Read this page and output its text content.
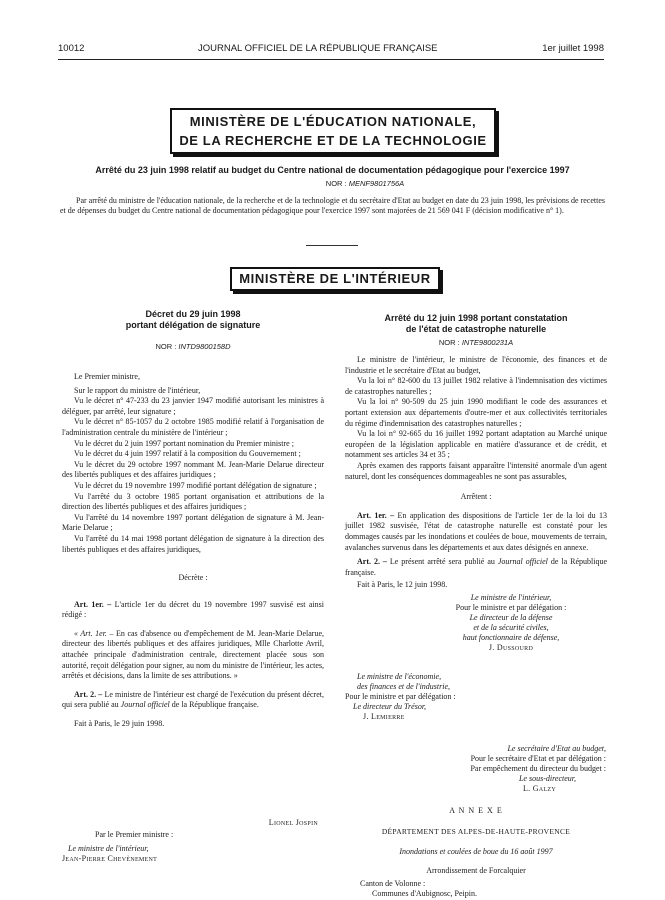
10012	JOURNAL OFFICIEL DE LA RÉPUBLIQUE FRANÇAISE	1er juillet 1998
MINISTÈRE DE L'ÉDUCATION NATIONALE,
DE LA RECHERCHE ET DE LA TECHNOLOGIE
Arrêté du 23 juin 1998 relatif au budget du Centre national de documentation pédagogique pour l'exercice 1997
NOR : MENF9801756A
Par arrêté du ministre de l'éducation nationale, de la recherche et de la technologie et du secrétaire d'Etat au budget en date du 23 juin 1998, les prévisions de recettes et de dépenses du budget du Centre national de documentation pédagogique pour l'exercice 1997 sont majorées de 21 569 041 F (décision modificative n° 1).
MINISTÈRE DE L'INTÉRIEUR
Décret du 29 juin 1998
portant délégation de signature
NOR : INTD9800158D

Le Premier ministre,

Sur le rapport du ministre de l'intérieur,

Vu le décret n° 47-233 du 23 janvier 1947 modifié autorisant les ministres à déléguer, par arrêté, leur signature ;

Vu le décret n° 85-1057 du 2 octobre 1985 modifié relatif à l'organisation de l'administration centrale du ministère de l'intérieur ;

Vu le décret du 2 juin 1997 portant nomination du Premier ministre ;

Vu le décret du 4 juin 1997 relatif à la composition du Gouvernement ;

Vu le décret du 29 octobre 1997 nommant M. Jean-Marie Delarue directeur des libertés publiques et des affaires juridiques ;

Vu le décret du 19 novembre 1997 modifié portant délégation de signature ;

Vu l'arrêté du 3 octobre 1985 portant organisation et attributions de la direction des libertés publiques et des affaires juridiques ;

Vu l'arrêté du 14 novembre 1997 portant délégation de signature à M. Jean-Marie Delarue ;

Vu l'arrêté du 14 mai 1998 portant délégation de signature à la direction des libertés publiques et des affaires juridiques,

Décrète :

Art. 1er. – L'article 1er du décret du 19 novembre 1997 susvisé est ainsi rédigé :

« Art. 1er. – En cas d'absence ou d'empêchement de M. Jean-Marie Delarue, directeur des libertés publiques et des affaires juridiques, Mlle Charlotte Avril, attachée principale d'administration centrale, directement placée sous son autorité, reçoit délégation pour signer, au nom du ministre de l'intérieur, les actes, arrêtés et décisions, dans la limite de ses attributions. »

Art. 2. – Le ministre de l'intérieur est chargé de l'exécution du présent décret, qui sera publié au Journal officiel de la République française.

Fait à Paris, le 29 juin 1998.

Lionel Jospin
Par le Premier ministre :
Le ministre de l'intérieur,
Jean-Pierre Chevènement
Arrêté du 12 juin 1998 portant constatation
de l'état de catastrophe naturelle
NOR : INTE9800231A

Le ministre de l'intérieur, le ministre de l'économie, des finances et de l'industrie et le secrétaire d'Etat au budget,

Vu la loi n° 82-600 du 13 juillet 1982 relative à l'indemnisation des victimes de catastrophes naturelles ;

Vu la loi n° 90-509 du 25 juin 1990 modifiant le code des assurances et portant extension aux départements d'outre-mer et aux collectivités territoriales du régime d'indemnisation des catastrophes naturelles ;

Vu la loi n° 92-665 du 16 juillet 1992 portant adaptation au Marché unique européen de la législation applicable en matière d'assurance et de crédit, et notamment ses articles 34 et 35 ;

Après examen des rapports faisant apparaître l'intensité anormale d'un agent naturel, dont les conséquences dommageables ne sont pas assurables,

Arrêtent :

Art. 1er. – En application des dispositions de l'article 1er de la loi du 13 juillet 1982 susvisée, l'état de catastrophe naturelle est constaté pour les dommages causés par les inondations et coulées de boue, mouvements de terrain, avalanches survenus dans les départements et aux dates désignés en annexe.

Art. 2. – Le présent arrêté sera publié au Journal officiel de la République française.

Fait à Paris, le 12 juin 1998.

Le ministre de l'intérieur,
Pour le ministre et par délégation :
Le directeur de la défense
et de la sécurité civiles,
haut fonctionnaire de défense,
J. Dussourd
Le ministre de l'économie,
des finances et de l'industrie,
Pour le ministre et par délégation :
Le directeur du Trésor,
J. Lemierre
Le secrétaire d'Etat au budget,
Pour le secrétaire d'Etat et par délégation :
Par empêchement du directeur du budget :
Le sous-directeur,
L. Galzy
A N N E X E
DÉPARTEMENT DES ALPES-DE-HAUTE-PROVENCE
Inondations et coulées de boue du 16 août 1997
Arrondissement de Forcalquier
Canton de Volonne :
Communes d'Aubignosc, Peipin.
